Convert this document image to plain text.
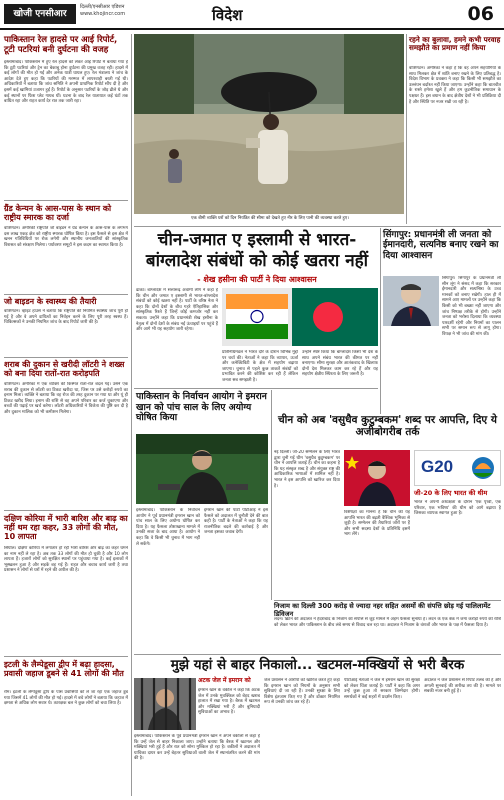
खोजी एनसीआर
दिल्ली/एनसीआर एडिशन
www.khojincr.com	विदेश	06
पाकिस्तान रेल हादसे पर आई रिपोर्ट, टूटी पटरियां बनी दुर्घटना की वजह
इस्लामाबाद। पाकिस्तान में हुए रेल हादसे को लेकर आई रिपोर्ट में बताया गया है कि टूटी पटरियां और ट्रेन का बेकाबू होना दुर्घटना की प्रमुख वजह रही। हादसे में कई लोगों की मौत हो गई और अनेक यात्री घायल हुए। रेल मंत्रालय ने जांच के आदेश देते हुए कहा कि पटरियों की मरम्मत में लापरवाही बरती गई थी। अधिकारियों ने बताया कि जांच समिति ने अपनी प्राथमिक रिपोर्ट सौंप दी है और इसमें कई खामियां उजागर हुई हैं। रिपोर्ट के अनुसार पटरियों के जोड़ ढीले थे और कई स्थानों पर फिश प्लेट गायब थीं। घटना के बाद रेल यातायात कई घंटों तक बाधित रहा और राहत कार्य देर रात तक जारी रहा।
ग्रैंड केन्यन के आस-पास के स्थान को राष्ट्रीय स्मारक का दर्जा
वॉशिंगटन। अमेरिकी राष्ट्रपति जो बाइडन ने ग्रैंड केन्यन के आस-पास के लगभग दस लाख एकड़ क्षेत्र को राष्ट्रीय स्मारक घोषित किया है। इस फैसले से इस क्षेत्र में खनन गतिविधियों पर रोक लगेगी और स्थानीय जनजातियों की सांस्कृतिक विरासत को संरक्षण मिलेगा। पर्यावरण समूहों ने इस कदम का स्वागत किया है।
जो बाइडन के स्वास्थ्य की तैयारी
वाशिंगटन। व्हाइट हाउस ने बताया कि राष्ट्रपति की नियमित स्वास्थ्य जांच पूरी हो गई है और वे अपने दायित्वों का निर्वहन करने के लिए पूरी तरह स्वस्थ हैं। चिकित्सकों ने उनकी नियमित जांच के बाद रिपोर्ट जारी की है।
शराब की दुकान से खरीदी लॉटरी ने शख्स को बना दिया रातों-रात करोड़पति
वॉशिंगटन। अमेरिका में एक व्यक्ति की किस्मत रातों-रात बदल गई। उसने एक शराब की दुकान से लॉटरी का टिकट खरीदा था, जिस पर उसे करोड़ों रुपये का इनाम मिला। व्यक्ति ने बताया कि वह रोज की तरह दुकान पर गया था और यूं ही टिकट खरीद लिया। इनाम की राशि से वह अपने परिवार का कर्ज चुकाएगा और बच्चों की पढ़ाई पर खर्च करेगा। लॉटरी अधिकारियों ने विजेता की पुष्टि कर दी है और दुकान मालिक को भी कमीशन मिलेगा।
दक्षिण कोरिया में भारी बारिश और बाढ़ का नहीं थम रहा कहर, 33 लोगों की मौत, 10 लापता
सियोल। दक्षिण कोरिया में लगातार हो रही भारी बारिश और बाढ़ का कहर थमने का नाम नहीं ले रहा है। अब तक 33 लोगों की मौत हो चुकी है और 10 लोग लापता हैं। हजारों लोगों को सुरक्षित स्थानों पर पहुंचाया गया है। कई इलाकों में भूस्खलन हुआ है और सड़कें बह गई हैं। राहत और बचाव कार्य जारी है तथा प्रशासन ने लोगों से घरों में रहने की अपील की है।
इटली के लैम्पेडूसा द्वीप में बढ़ा हादसा, प्रवासी जहाज डूबने से 41 लोगों की मौत
रोम। इटली के लैम्पेडूसा द्वीप के पास प्रवासियों को ले जा रहा एक जहाज डूब गया जिसमें 41 लोगों की मौत हो गई। हादसे में बचे लोगों ने बताया कि जहाज में क्षमता से अधिक लोग सवार थे। तटरक्षक बल ने कुछ लोगों को बचा लिया है।
एक बीमी व्यक्ति घरों को दिन नियंत्रित की सीमा को देखते हुए नीर के लिए पानी की व्यवस्था करते हुए।
रहने का बुलावा, हमने कभी परवाह समझौते का प्रमाण नहीं किया
वॉशिंगटन। अमेरिका ने कहा है कि वह अपने सहयोगियों के साथ मिलकर क्षेत्र में शांति बनाए रखने के लिए प्रतिबद्ध है। विदेश विभाग के प्रवक्ता ने कहा कि किसी भी समझौते का उल्लंघन बर्दाश्त नहीं किया जाएगा। उन्होंने कहा कि बातचीत के रास्ते हमेशा खुले हैं और हम कूटनीतिक समाधान के पक्षधर हैं। इस बयान के बाद क्षेत्रीय देशों ने भी प्रतिक्रिया दी है और स्थिति पर नजर रखी जा रही है।
चीन-जमात ए इस्लामी से भारत-
बांग्लादेश संबंधों को कोई खतरा नहीं
- शेख हसीना की पार्टी ने दिया आश्वासन
ढाका। बांग्लादेश में सत्तारूढ़ अवामी लीग ने कहा है कि चीन और जमात ए इस्लामी से भारत-बांग्लादेश संबंधों को कोई खतरा नहीं है। पार्टी के वरिष्ठ नेता ने कहा कि दोनों देशों के बीच गहरे ऐतिहासिक और सांस्कृतिक रिश्ते हैं जिन्हें कोई कमजोर नहीं कर सकता। उन्होंने कहा कि प्रधानमंत्री शेख हसीना के नेतृत्व में दोनों देशों के संबंध नई ऊंचाइयों पर पहुंचे हैं और आगे भी यह सहयोग जारी रहेगा।
प्रतिनिधिमंडल ने भारत दौरे के दौरान विभिन्न मुद्दों पर चर्चा की। नेताओं ने कहा कि व्यापार, ऊर्जा और कनेक्टिविटी के क्षेत्र में सहयोग बढ़ाया जाएगा। चुनाव से पहले कुछ ताकतें संबंधों को प्रभावित करने की कोशिश कर रही हैं लेकिन जनता सब समझती है।
उन्होंने स्पष्ट किया कि बांग्लादेश किसी भी देश के साथ अपने संबंध भारत की कीमत पर नहीं बनाएगा। सीमा सुरक्षा और आतंकवाद के खिलाफ दोनों देश मिलकर काम कर रहे हैं और यह सहयोग क्षेत्रीय स्थिरता के लिए जरूरी है।
सिंगापुर: प्रधानमंत्री ली जनता को ईमानदारी, सत्यनिष्ठ बनाए रखने का दिया आश्वासन
सिंगापुर। सिंगापुर के प्रधानमंत्री ली सीन लूंग ने संसद में कहा कि सरकार ईमानदारी और सत्यनिष्ठा के उच्च मानकों को बनाए रखेगी। हाल ही में सामने आए मामलों पर उन्होंने कहा कि किसी को भी बख्शा नहीं जाएगा और जांच निष्पक्ष तरीके से होगी। उन्होंने जनता को भरोसा दिलाया कि व्यवस्था पारदर्शी रहेगी और नियमों का पालन सभी पर समान रूप से लागू होगा। विपक्ष ने भी जांच की मांग की।
पाकिस्तान के निर्वाचन आयोग ने इमरान खान को पांच साल के लिए अयोग्य घोषित किया
इस्लामाबाद। पाकिस्तान के निर्वाचन आयोग ने पूर्व प्रधानमंत्री इमरान खान को पांच साल के लिए अयोग्य घोषित कर दिया है। यह फैसला तोशाखाना मामले में उनकी सजा के बाद आया है। आयोग ने कहा कि वे किसी भी चुनाव में भाग नहीं ले सकेंगे।
इमरान खान की पार्टी पीटीआई ने इस फैसले को अदालत में चुनौती देने की बात कही है। पार्टी के नेताओं ने कहा कि यह राजनीतिक बदले की कार्रवाई है और जनता इसका जवाब देगी।
चीन को अब 'वसुधैव कुटुम्बकम' शब्द पर आपत्ति, दिए ये अजीबोगरीब तर्क
नई दिल्ली। जी-20 सम्मेलन के लिए भारत द्वारा चुनी गई थीम 'वसुधैव कुटुम्बकम' पर चीन ने आपत्ति जताई है। चीन का कहना है कि यह संस्कृत शब्द है और संयुक्त राष्ट्र की आधिकारिक भाषाओं में शामिल नहीं है। भारत ने इस आपत्ति को खारिज कर दिया है।
G20
जी-20 के लिए भारत की थीम
भारत ने अपनी अध्यक्षता के दौरान 'एक पृथ्वी, एक परिवार, एक भविष्य' की थीम को आगे बढ़ाया है जिसका व्यापक स्वागत हुआ है।
विशेषज्ञों का मानना है कि चीन की यह आपत्ति भारत की बढ़ती वैश्विक भूमिका से जुड़ी है। सम्मेलन की तैयारियां जोरों पर हैं और सभी सदस्य देशों के प्रतिनिधि इसमें भाग लेंगे।
निजाम का दिल्ली 300 करोड़ से ज्यादा नहर सहित असमों की संपत्ति छोड़ गई पालिलामेंट डिविजन
लंदन। ब्रिटेन की अदालत ने हैदराबाद के निजाम की संपत्ति से जुड़े मामले में अहम फैसला सुनाया है। लंदन के एक बैंक में जमा करोड़ों रुपये की राशि को लेकर भारत और पाकिस्तान के बीच लंबे समय से विवाद चल रहा था। अदालत ने निजाम के वंशजों और भारत के पक्ष में फैसला दिया है।
मुझे यहां से बाहर निकालो... खटमल-मक्खियों से भरी बैरक
अटक जेल में इमरान को
इमरान खान के वकील ने कहा कि अटक जेल में उनके मुवक्किल को बेहद खराब हालात में रखा गया है। बैरक में खटमल और मक्खियां भरी हैं और बुनियादी सुविधाओं का अभाव है।
इस्लामाबाद। पाकिस्तान के पूर्व प्रधानमंत्री इमरान खान ने अपने वकीलों से कहा है कि उन्हें जेल से बाहर निकाला जाए। उन्होंने बताया कि बैरक में खटमल और मक्खियां भरी हुई हैं और रात को सोना मुश्किल हो रहा है। वकीलों ने अदालत में याचिका दायर कर उन्हें बेहतर सुविधाओं वाली जेल में स्थानांतरित करने की मांग की है।
जेल प्रशासन ने आरोपों को खारिज करते हुए कहा कि इमरान खान को नियमों के अनुसार सभी सुविधाएं दी जा रही हैं। उनकी सुरक्षा के लिए विशेष इंतजाम किए गए हैं और डॉक्टर नियमित रूप से उनकी जांच कर रहे हैं।
पीटीआई नेताओं ने जेल में इमरान खान की सुरक्षा को लेकर चिंता जताई है। पार्टी ने कहा कि अगर उन्हें कुछ हुआ तो सरकार जिम्मेदार होगी। समर्थकों ने कई शहरों में प्रदर्शन किए।
अदालत ने जेल प्रशासन से रिपोर्ट तलब की है और अगली सुनवाई की तारीख तय की है। मामले पर सबकी नजर बनी हुई है।
